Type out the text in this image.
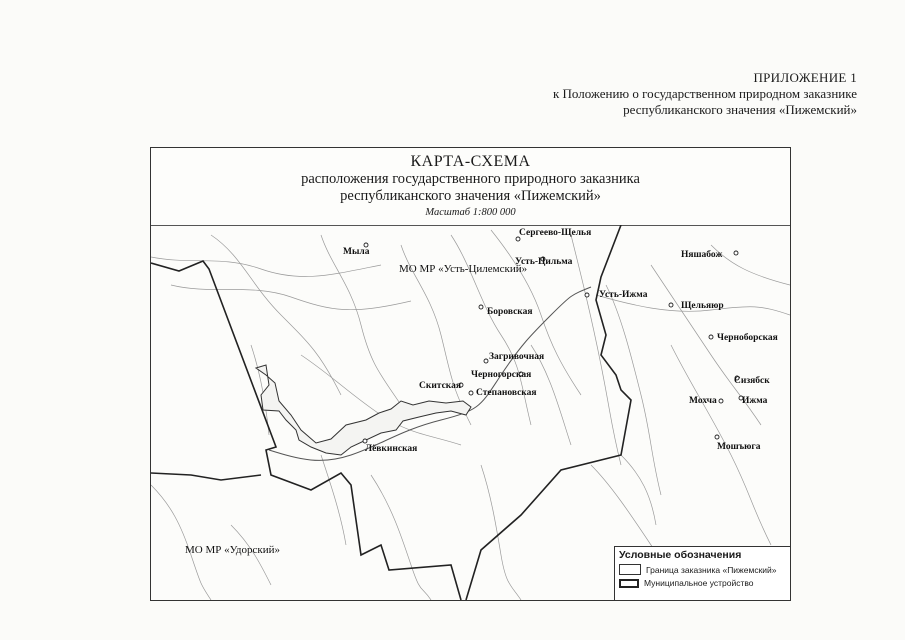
ПРИЛОЖЕНИЕ 1
к Положению о государственном природном заказнике
республиканского значения «Пижемский»
КАРТА-СХЕМА
расположения государственного природного заказника
республиканского значения «Пижемский»
Масштаб 1:800 000
Сергеево-Щелья
Мыла
Усть-Цильма
Няшабож
Усть-Ижма
Щельяюр
Боровская
Черноборская
Загривочная
Черногорская
Скитская
Степановская
Сизябск
Мохча	Ижма
Лёвкинская	Мошъюга
МО МР «Усть-Цилемский»
МО МР «Удорский»	Условные обозначения
Граница заказника «Пижемский»
Муниципальное устройство
